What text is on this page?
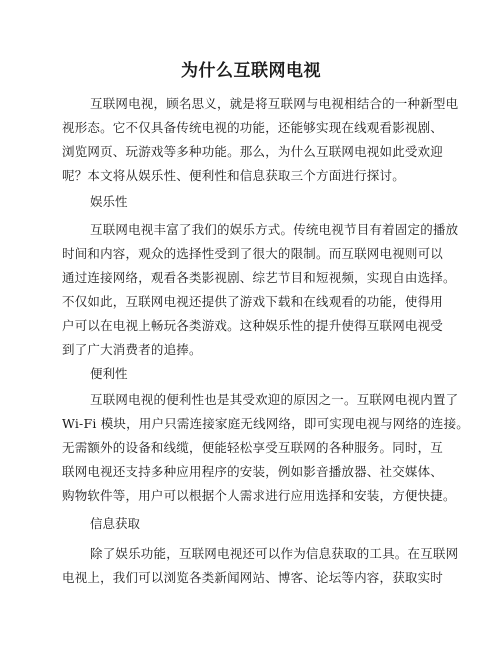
为什么互联网电视
互联网电视，顾名思义，就是将互联网与电视相结合的一种新型电
视形态。它不仅具备传统电视的功能，还能够实现在线观看影视剧、
浏览网页、玩游戏等多种功能。那么，为什么互联网电视如此受欢迎
呢？本文将从娱乐性、便利性和信息获取三个方面进行探讨。
娱乐性
互联网电视丰富了我们的娱乐方式。传统电视节目有着固定的播放
时间和内容，观众的选择性受到了很大的限制。而互联网电视则可以
通过连接网络，观看各类影视剧、综艺节目和短视频，实现自由选择。
不仅如此，互联网电视还提供了游戏下载和在线观看的功能，使得用
户可以在电视上畅玩各类游戏。这种娱乐性的提升使得互联网电视受
到了广大消费者的追捧。
便利性
互联网电视的便利性也是其受欢迎的原因之一。互联网电视内置了
Wi-Fi 模块，用户只需连接家庭无线网络，即可实现电视与网络的连接。
无需额外的设备和线缆，便能轻松享受互联网的各种服务。同时，互
联网电视还支持多种应用程序的安装，例如影音播放器、社交媒体、
购物软件等，用户可以根据个人需求进行应用选择和安装，方便快捷。
信息获取
除了娱乐功能，互联网电视还可以作为信息获取的工具。在互联网
电视上，我们可以浏览各类新闻网站、博客、论坛等内容，获取实时
